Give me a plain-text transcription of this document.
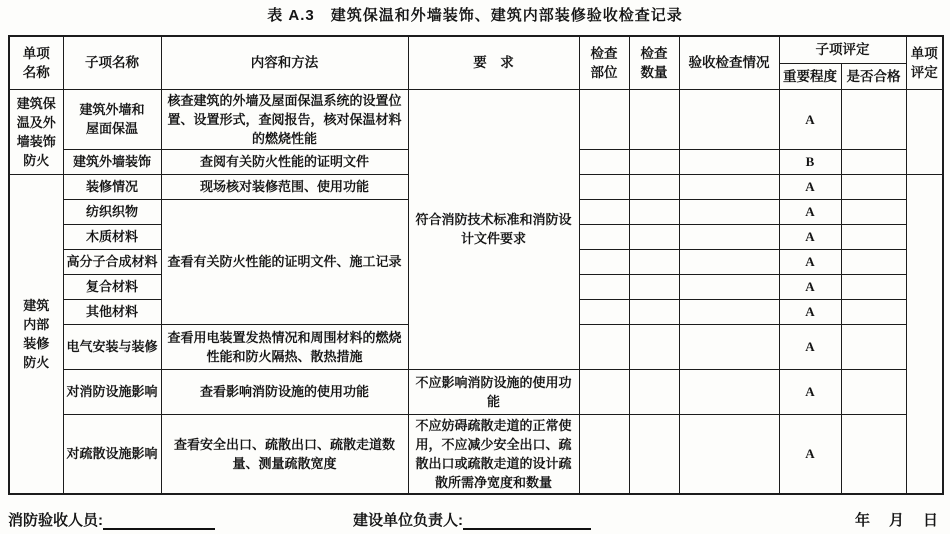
表 A.3　建筑保温和外墙装饰、建筑内部装修验收检查记录
单项名称	子项名称	内容和方法	要　求	检查部位	检查数量	验收检查情况	子项评定		单项评定
							重要程度	是否合格	
建筑保温及外墙装饰防火	建筑外墙和屋面保温	核查建筑的外墙及屋面保温系统的设置位置、设置形式，查阅报告，核对保温材料的燃烧性能	符合消防技术标准和消防设计文件要求				A		
	建筑外墙装饰	查阅有关防火性能的证明文件					B		
建筑内部装修防火	装修情况	现场核对装修范围、使用功能					A		
	纺织织物	查看有关防火性能的证明文件、施工记录					A		
	木质材料						A		
	高分子合成材料						A		
	复合材料						A		
	其他材料						A		
	电气安装与装修	查看用电装置发热情况和周围材料的燃烧性能和防火隔热、散热措施					A		
	对消防设施影响	查看影响消防设施的使用功能	不应影响消防设施的使用功能				A		
	对疏散设施影响	查看安全出口、疏散出口、疏散走道数量、测量疏散宽度	不应妨碍疏散走道的正常使用，不应减少安全出口、疏散出口或疏散走道的设计疏散所需净宽度和数量				A		
消防验收人员:	建设单位负责人:	年　月　日
